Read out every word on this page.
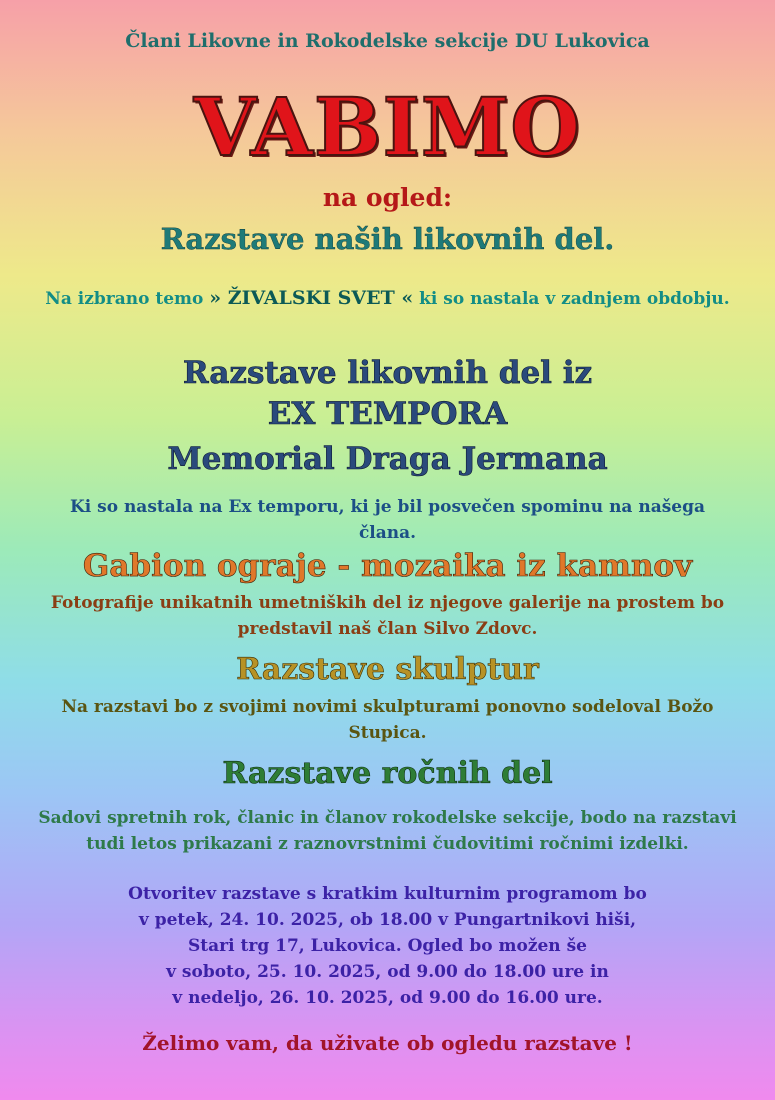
Člani Likovne in Rokodelske sekcije DU Lukovica

VABIMO

na ogled:

Razstave naših likovnih del.

Na izbrano temo » ŽIVALSKI SVET « ki so nastala v zadnjem obdobju.

Razstave likovnih del iz
EX TEMPORA
Memorial Draga Jermana

Ki so nastala na Ex temporu, ki je bil posvečen spominu na našega člana.

Gabion ograje - mozaika iz kamnov

Fotografije unikatnih umetniških del iz njegove galerije na prostem bo predstavil naš član Silvo Zdovc.

Razstave skulptur

Na razstavi bo z svojimi novimi skulpturami ponovno sodeloval Božo Stupica.

Razstave ročnih del

Sadovi spretnih rok, članic in članov rokodelske sekcije, bodo na razstavi tudi letos prikazani z raznovrstnimi čudovitimi ročnimi izdelki.

Otvoritev razstave s kratkim kulturnim programom bo
v petek, 24. 10. 2025, ob 18.00 v Pungartnikovi hiši,
Stari trg 17, Lukovica. Ogled bo možen še
v soboto, 25. 10. 2025, od 9.00 do 18.00 ure in
v nedeljo, 26. 10. 2025, od 9.00 do 16.00 ure.

Želimo vam, da uživate ob ogledu razstave !
